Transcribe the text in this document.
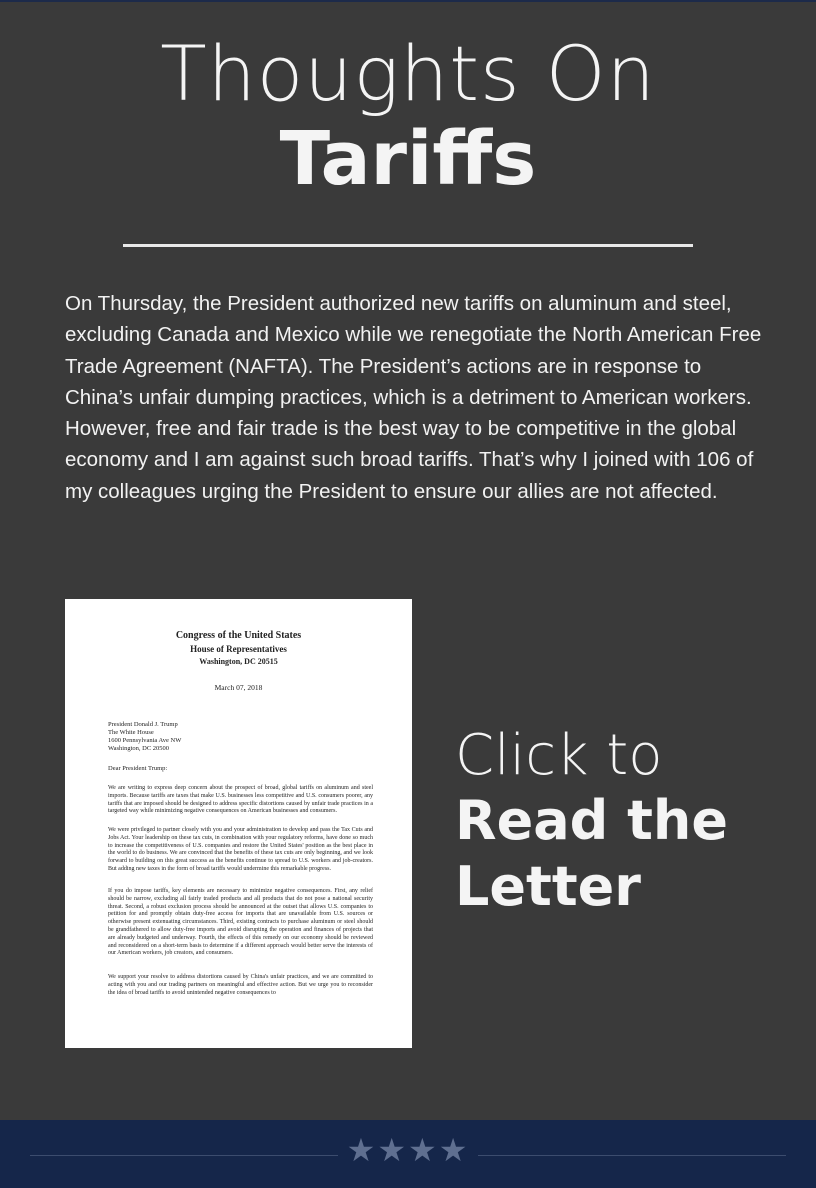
Thoughts On
Tariffs
On Thursday, the President authorized new tariffs on aluminum and steel, excluding Canada and Mexico while we renegotiate the North American Free Trade Agreement (NAFTA). The President’s actions are in response to China’s unfair dumping practices, which is a detriment to American workers. However, free and fair trade is the best way to be competitive in the global economy and I am against such broad tariffs. That’s why I joined with 106 of my colleagues urging the President to ensure our allies are not affected.
Congress of the United States
House of Representatives
Washington, DC 20515
March 07, 2018
President Donald J. Trump
The White House
1600 Pennsylvania Ave NW
Washington, DC 20500
Dear President Trump:
We are writing to express deep concern about the prospect of broad, global tariffs on aluminum and steel imports. Because tariffs are taxes that make U.S. businesses less competitive and U.S. consumers poorer, any tariffs that are imposed should be designed to address specific distortions caused by unfair trade practices in a targeted way while minimizing negative consequences on American businesses and consumers.
We were privileged to partner closely with you and your administration to develop and pass the Tax Cuts and Jobs Act. Your leadership on these tax cuts, in combination with your regulatory reforms, have done so much to increase the competitiveness of U.S. companies and restore the United States' position as the best place in the world to do business. We are convinced that the benefits of these tax cuts are only beginning, and we look forward to building on this great success as the benefits continue to spread to U.S. workers and job-creators. But adding new taxes in the form of broad tariffs would undermine this remarkable progress.
If you do impose tariffs, key elements are necessary to minimize negative consequences. First, any relief should be narrow, excluding all fairly traded products and all products that do not pose a national security threat. Second, a robust exclusion process should be announced at the outset that allows U.S. companies to petition for and promptly obtain duty-free access for imports that are unavailable from U.S. sources or otherwise present extenuating circumstances. Third, existing contracts to purchase aluminum or steel should be grandfathered to allow duty-free imports and avoid disrupting the operation and finances of projects that are already budgeted and underway. Fourth, the effects of this remedy on our economy should be reviewed and reconsidered on a short-term basis to determine if a different approach would better serve the interests of our American workers, job creators, and consumers.
We support your resolve to address distortions caused by China's unfair practices, and we are committed to acting with you and our trading partners on meaningful and effective action. But we urge you to reconsider the idea of broad tariffs to avoid unintended negative consequences to
Click to
Read the
Letter
★★★★
